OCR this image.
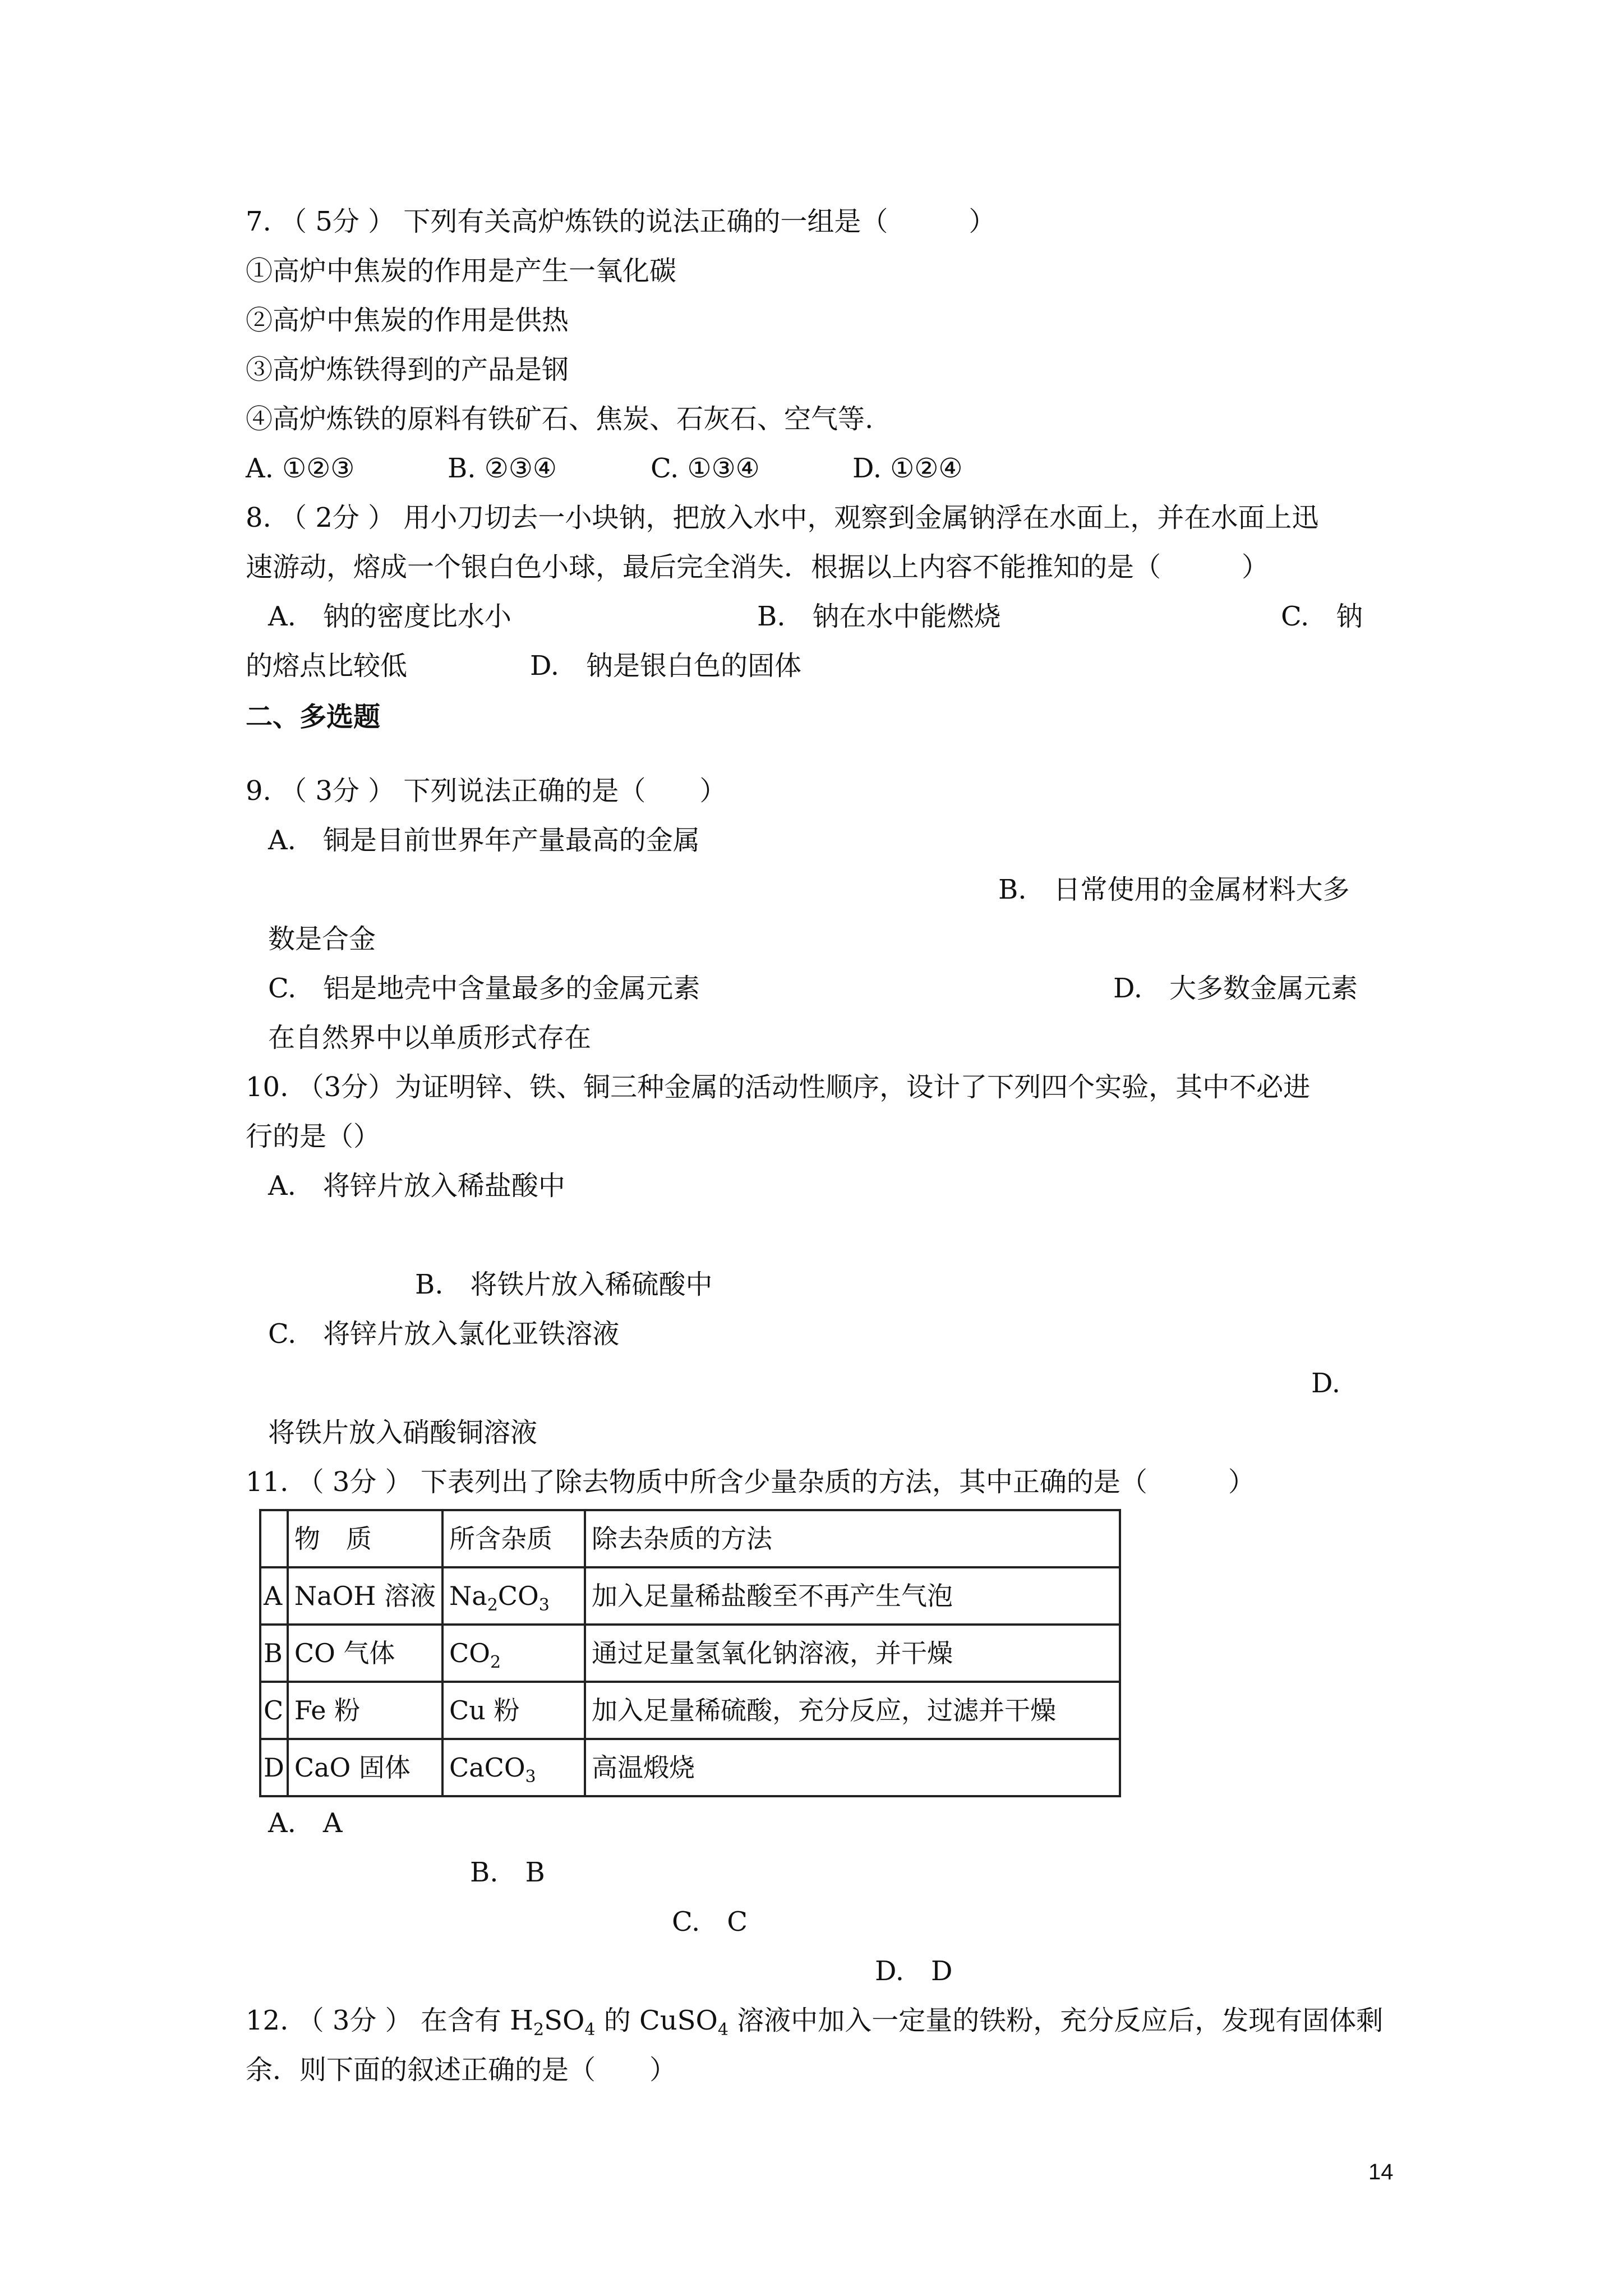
7. （ 5分 ） 下列有关高炉炼铁的说法正确的一组是（　　　）
①高炉中焦炭的作用是产生一氧化碳
②高炉中焦炭的作用是供热
③高炉炼铁得到的产品是钢
④高炉炼铁的原料有铁矿石、焦炭、石灰石、空气等.
A. ①②③	B. ②③④	C. ①③④	D. ①②④
8. （ 2分 ） 用小刀切去一小块钠，把放入水中，观察到金属钠浮在水面上，并在水面上迅
速游动，熔成一个银白色小球，最后完全消失．根据以上内容不能推知的是（　　　）
A.　钠的密度比水小	B.　钠在水中能燃烧	C.　钠
的熔点比较低	D.　钠是银白色的固体
二、多选题
9. （ 3分 ） 下列说法正确的是（　　）
A.　铜是目前世界年产量最高的金属
B.　日常使用的金属材料大多
数是合金
C.　铝是地壳中含量最多的金属元素	D.　大多数金属元素
在自然界中以单质形式存在
10. （3分）为证明锌、铁、铜三种金属的活动性顺序，设计了下列四个实验，其中不必进
行的是（）
A.　将锌片放入稀盐酸中
B.　将铁片放入稀硫酸中
C.　将锌片放入氯化亚铁溶液
D.
将铁片放入硝酸铜溶液
11. （ 3分 ） 下表列出了除去物质中所含少量杂质的方法，其中正确的是（　　　）
	物　质	所含杂质	除去杂质的方法
A	NaOH 溶液	$Na_2CO_3$	加入足量稀盐酸至不再产生气泡
B	CO 气体	$CO_2$	通过足量氢氧化钠溶液，并干燥
C	Fe 粉	Cu 粉	加入足量稀硫酸，充分反应，过滤并干燥
D	CaO 固体	CaCO$_3$	高温煅烧
A.　A
B.　B
C.　C
D.　D
12. （ 3分 ） 在含有 $H_2SO_4$ 的 CuSO$_4$ 溶液中加入一定量的铁粉，充分反应后，发现有固体剩
余．则下面的叙述正确的是（　　）
14
